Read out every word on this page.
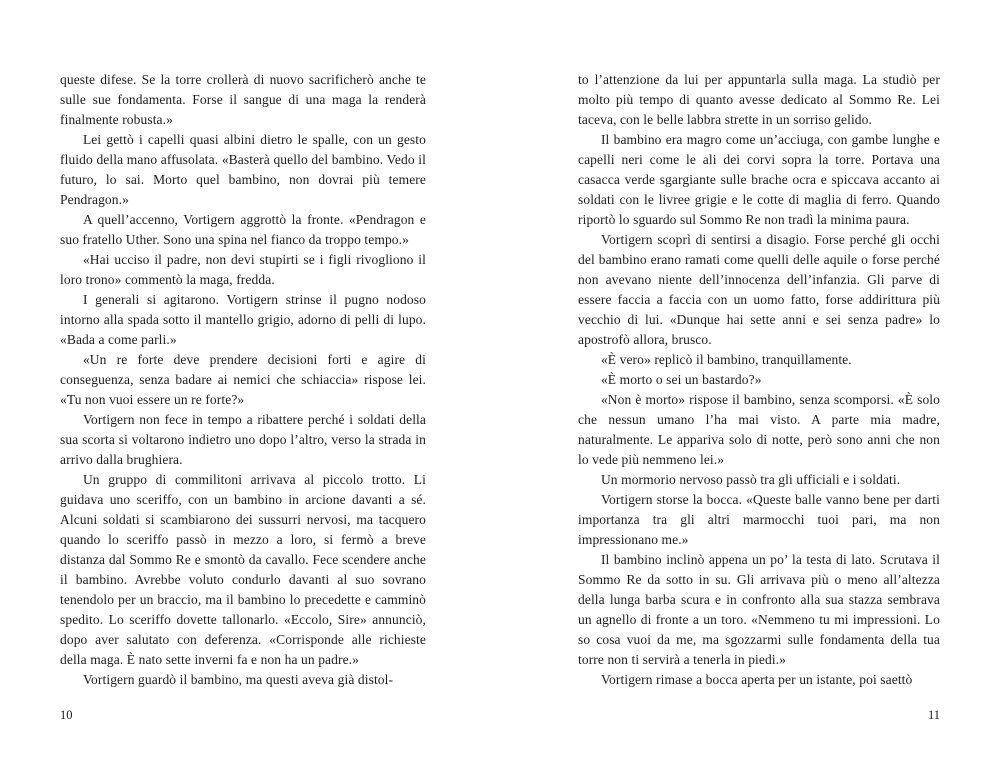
queste difese. Se la torre crollerà di nuovo sacrificherò anche te sulle sue fondamenta. Forse il sangue di una maga la renderà finalmente robusta.»

Lei gettò i capelli quasi albini dietro le spalle, con un gesto fluido della mano affusolata. «Basterà quello del bambino. Vedo il futuro, lo sai. Morto quel bambino, non dovrai più temere Pendragon.»

A quell’accenno, Vortigern aggrottò la fronte. «Pendragon e suo fratello Uther. Sono una spina nel fianco da troppo tempo.»

«Hai ucciso il padre, non devi stupirti se i figli rivogliono il loro trono» commentò la maga, fredda.

I generali si agitarono. Vortigern strinse il pugno nodoso intorno alla spada sotto il mantello grigio, adorno di pelli di lupo. «Bada a come parli.»

«Un re forte deve prendere decisioni forti e agire di conseguenza, senza badare ai nemici che schiaccia» rispose lei. «Tu non vuoi essere un re forte?»

Vortigern non fece in tempo a ribattere perché i soldati della sua scorta si voltarono indietro uno dopo l’altro, verso la strada in arrivo dalla brughiera.

Un gruppo di commilitoni arrivava al piccolo trotto. Li guidava uno sceriffo, con un bambino in arcione davanti a sé. Alcuni soldati si scambiarono dei sussurri nervosi, ma tacquero quando lo sceriffo passò in mezzo a loro, si fermò a breve distanza dal Sommo Re e smontò da cavallo. Fece scendere anche il bambino. Avrebbe voluto condurlo davanti al suo sovrano tenendolo per un braccio, ma il bambino lo precedette e camminò spedito. Lo sceriffo dovette tallonarlo. «Eccolo, Sire» annunciò, dopo aver salutato con deferenza. «Corrisponde alle richieste della maga. È nato sette inverni fa e non ha un padre.»

Vortigern guardò il bambino, ma questi aveva già distol-

10

to l’attenzione da lui per appuntarla sulla maga. La studiò per molto più tempo di quanto avesse dedicato al Sommo Re. Lei taceva, con le belle labbra strette in un sorriso gelido.

Il bambino era magro come un’acciuga, con gambe lunghe e capelli neri come le ali dei corvi sopra la torre. Portava una casacca verde sgargiante sulle brache ocra e spiccava accanto ai soldati con le livree grigie e le cotte di maglia di ferro. Quando riportò lo sguardo sul Sommo Re non tradì la minima paura.

Vortigern scoprì di sentirsi a disagio. Forse perché gli occhi del bambino erano ramati come quelli delle aquile o forse perché non avevano niente dell’innocenza dell’infanzia. Gli parve di essere faccia a faccia con un uomo fatto, forse addirittura più vecchio di lui. «Dunque hai sette anni e sei senza padre» lo apostrofò allora, brusco.

«È vero» replicò il bambino, tranquillamente.

«È morto o sei un bastardo?»

«Non è morto» rispose il bambino, senza scomporsi. «È solo che nessun umano l’ha mai visto. A parte mia madre, naturalmente. Le appariva solo di notte, però sono anni che non lo vede più nemmeno lei.»

Un mormorio nervoso passò tra gli ufficiali e i soldati.

Vortigern storse la bocca. «Queste balle vanno bene per darti importanza tra gli altri marmocchi tuoi pari, ma non impressionano me.»

Il bambino inclinò appena un po’ la testa di lato. Scrutava il Sommo Re da sotto in su. Gli arrivava più o meno all’altezza della lunga barba scura e in confronto alla sua stazza sembrava un agnello di fronte a un toro. «Nemmeno tu mi impressioni. Lo so cosa vuoi da me, ma sgozzarmi sulle fondamenta della tua torre non ti servirà a tenerla in piedi.»

Vortigern rimase a bocca aperta per un istante, poi saettò

11
